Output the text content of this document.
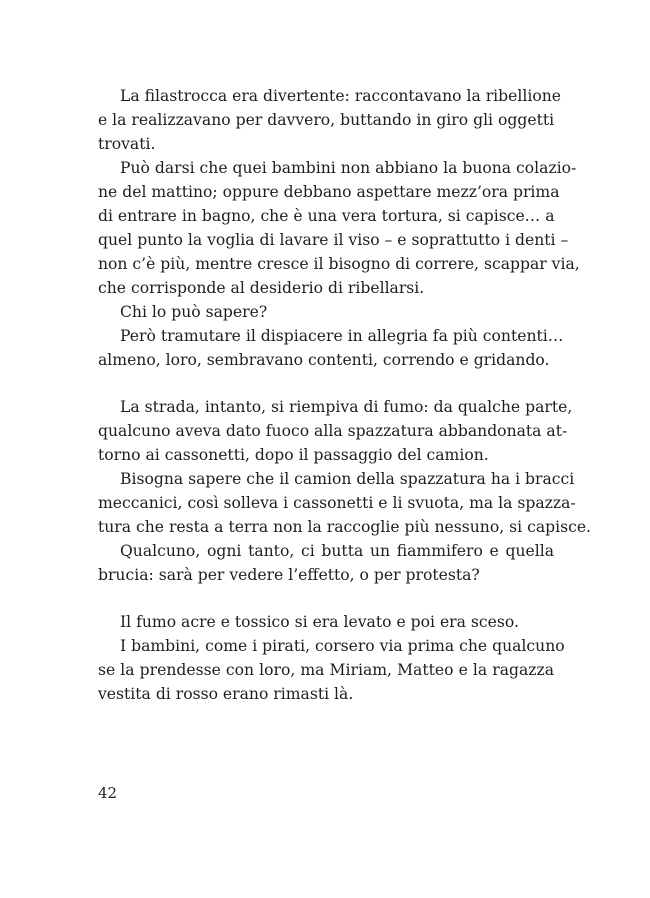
La filastrocca era divertente: raccontavano la ribellione
e la realizzavano per davvero, buttando in giro gli oggetti
trovati.
Può darsi che quei bambini non abbiano la buona colazio-
ne del mattino; oppure debbano aspettare mezz’ora prima
di entrare in bagno, che è una vera tortura, si capisce… a
quel punto la voglia di lavare il viso – e soprattutto i denti –
non c’è più, mentre cresce il bisogno di correre, scappar via,
che corrisponde al desiderio di ribellarsi.
Chi lo può sapere?
Però tramutare il dispiacere in allegria fa più contenti…
almeno, loro, sembravano contenti, correndo e gridando.
La strada, intanto, si riempiva di fumo: da qualche parte,
qualcuno aveva dato fuoco alla spazzatura abbandonata at-
torno ai cassonetti, dopo il passaggio del camion.
Bisogna sapere che il camion della spazzatura ha i bracci
meccanici, così solleva i cassonetti e li svuota, ma la spazza-
tura che resta a terra non la raccoglie più nessuno, si capisce.
Qualcuno, ogni tanto, ci butta un fiammifero e quella
brucia: sarà per vedere l’effetto, o per protesta?
Il fumo acre e tossico si era levato e poi era sceso.
I bambini, come i pirati, corsero via prima che qualcuno
se la prendesse con loro, ma Miriam, Matteo e la ragazza
vestita di rosso erano rimasti là.
42
